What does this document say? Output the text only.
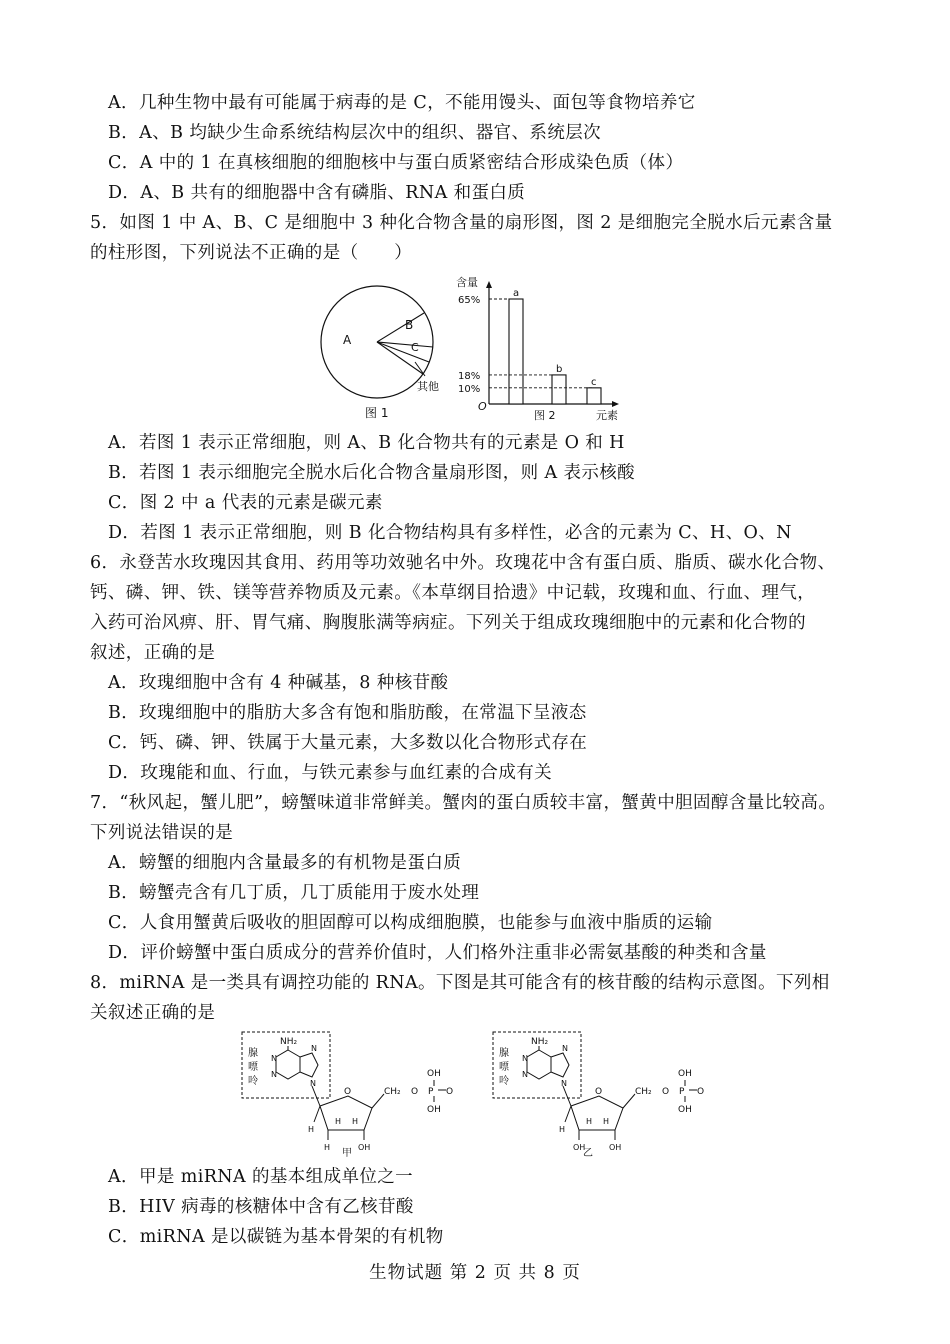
A．几种生物中最有可能属于病毒的是 C，不能用馒头、面包等食物培养它
B．A、B 均缺少生命系统结构层次中的组织、器官、系统层次
C．A 中的 1 在真核细胞的细胞核中与蛋白质紧密结合形成染色质（体）
D．A、B 共有的细胞器中含有磷脂、RNA 和蛋白质
5．如图 1 中 A、B、C 是细胞中 3 种化合物含量的扇形图，图 2 是细胞完全脱水后元素含量
的柱形图，下列说法不正确的是（　　）
A
B
C
其他
图 1
含量
O
元素
图 2
a
65%
b
18%
c
10%
A．若图 1 表示正常细胞，则 A、B 化合物共有的元素是 O 和 H
B．若图 1 表示细胞完全脱水后化合物含量扇形图，则 A 表示核酸
C．图 2 中 a 代表的元素是碳元素
D．若图 1 表示正常细胞，则 B 化合物结构具有多样性，必含的元素为 C、H、O、N
6．永登苦水玫瑰因其食用、药用等功效驰名中外。玫瑰花中含有蛋白质、脂质、碳水化合物、
钙、磷、钾、铁、镁等营养物质及元素。《本草纲目拾遗》中记载，玫瑰和血、行血、理气，
入药可治风痹、肝、胃气痛、胸腹胀满等病症。下列关于组成玫瑰细胞中的元素和化合物的
叙述，正确的是
A．玫瑰细胞中含有 4 种碱基，8 种核苷酸
B．玫瑰细胞中的脂肪大多含有饱和脂肪酸，在常温下呈液态
C．钙、磷、钾、铁属于大量元素，大多数以化合物形式存在
D．玫瑰能和血、行血，与铁元素参与血红素的合成有关
7．“秋风起，蟹儿肥”，螃蟹味道非常鲜美。蟹肉的蛋白质较丰富，蟹黄中胆固醇含量比较高。
下列说法错误的是
A．螃蟹的细胞内含量最多的有机物是蛋白质
B．螃蟹壳含有几丁质，几丁质能用于废水处理
C．人食用蟹黄后吸收的胆固醇可以构成细胞膜，也能参与血液中脂质的运输
D．评价螃蟹中蛋白质成分的营养价值时，人们格外注重非必需氨基酸的种类和含量
8．miRNA 是一类具有调控功能的 RNA。下图是其可能含有的核苷酸的结构示意图。下列相
关叙述正确的是
腺
嘌
呤
NH₂
N
N
N
N
O
H
H H
H	OH
CH₂ O P O
OH
OH
甲
腺
嘌
呤
NH₂
N
N
N
N
O
H
H H
OH	OH
CH₂ O P O
OH
OH
乙
A．甲是 miRNA 的基本组成单位之一
B．HIV 病毒的核糖体中含有乙核苷酸
C．miRNA 是以碳链为基本骨架的有机物
生物试题 第 2 页 共 8 页
